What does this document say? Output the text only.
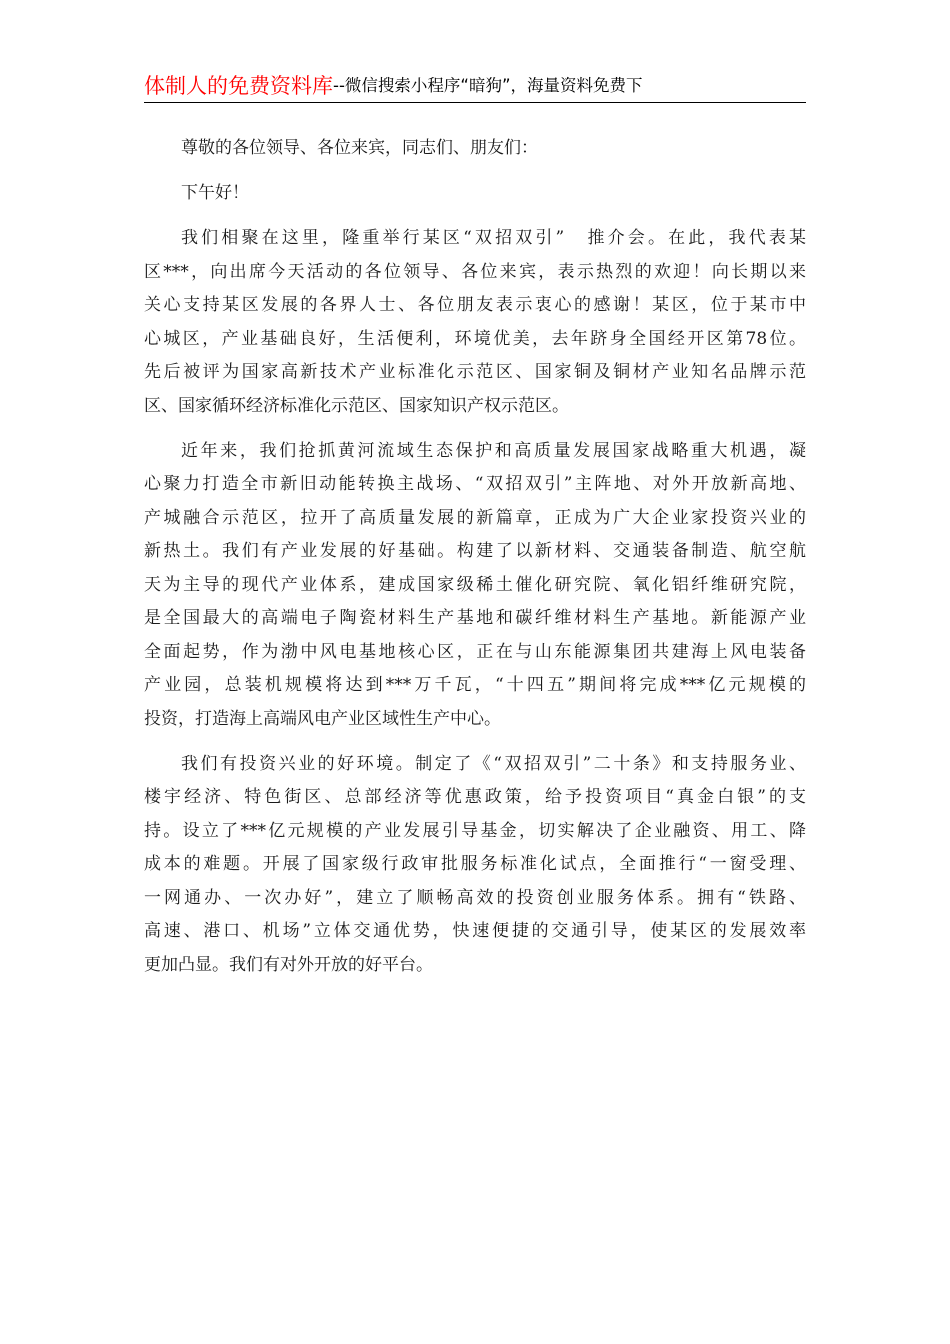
体制人的免费资料库--微信搜索小程序“暗狗”，海量资料免费下
尊敬的各位领导、各位来宾，同志们、朋友们：
下午好！
我们相聚在这里，隆重举行某区“双招双引”　推介会。在此，我代表某
区***，向出席今天活动的各位领导、各位来宾，表示热烈的欢迎！向长期以来
关心支持某区发展的各界人士、各位朋友表示衷心的感谢！某区，位于某市中
心城区，产业基础良好，生活便利，环境优美，去年跻身全国经开区第78位。
先后被评为国家高新技术产业标准化示范区、国家铜及铜材产业知名品牌示范
区、国家循环经济标准化示范区、国家知识产权示范区。
近年来，我们抢抓黄河流域生态保护和高质量发展国家战略重大机遇，凝
心聚力打造全市新旧动能转换主战场、“双招双引”主阵地、对外开放新高地、
产城融合示范区，拉开了高质量发展的新篇章，正成为广大企业家投资兴业的
新热土。我们有产业发展的好基础。构建了以新材料、交通装备制造、航空航
天为主导的现代产业体系，建成国家级稀土催化研究院、氧化铝纤维研究院，
是全国最大的高端电子陶瓷材料生产基地和碳纤维材料生产基地。新能源产业
全面起势，作为渤中风电基地核心区，正在与山东能源集团共建海上风电装备
产业园，总装机规模将达到***万千瓦，“十四五”期间将完成***亿元规模的
投资，打造海上高端风电产业区域性生产中心。
我们有投资兴业的好环境。制定了《“双招双引”二十条》和支持服务业、
楼宇经济、特色街区、总部经济等优惠政策，给予投资项目“真金白银”的支
持。设立了***亿元规模的产业发展引导基金，切实解决了企业融资、用工、降
成本的难题。开展了国家级行政审批服务标准化试点，全面推行“一窗受理、
一网通办、一次办好”，建立了顺畅高效的投资创业服务体系。拥有“铁路、
高速、港口、机场”立体交通优势，快速便捷的交通引导，使某区的发展效率
更加凸显。我们有对外开放的好平台。
